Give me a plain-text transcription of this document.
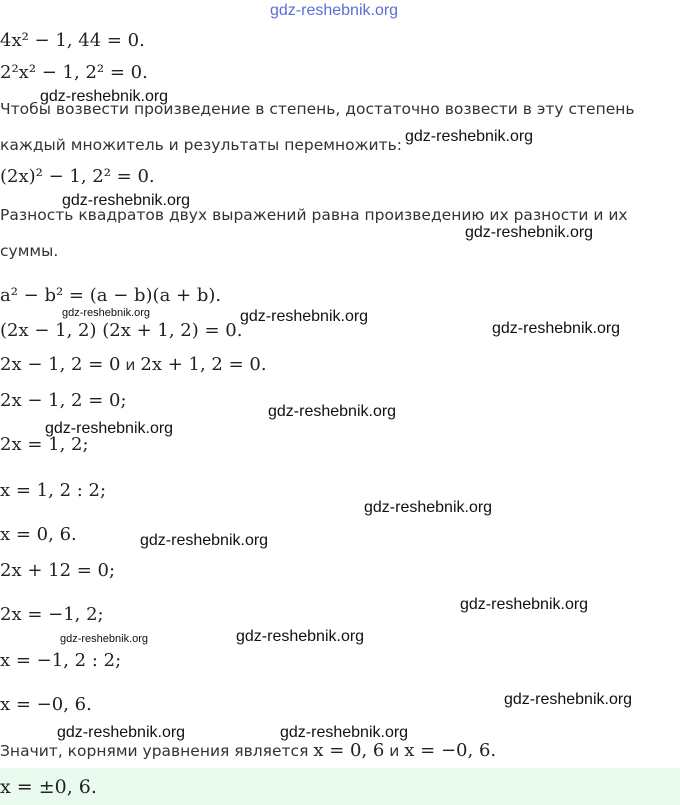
gdz-reshebnik.org
4x² − 1, 44 = 0.
2²x² − 1, 2² = 0.
Чтобы возвести произведение в степень, достаточно возвести в эту степень
каждый множитель и результаты перемножить:
(2x)² − 1, 2² = 0.
Разность квадратов двух выражений равна произведению их разности и их
суммы.
a² − b² = (a − b)(a + b).
(2x − 1, 2) (2x + 1, 2) = 0.
2x − 1, 2 = 0 и 2x + 1, 2 = 0.
2x − 1, 2 = 0;
2x = 1, 2;
x = 1, 2 : 2;
x = 0, 6.
2x + 12 = 0;
2x = −1, 2;
x = −1, 2 : 2;
x = −0, 6.
Значит, корнями уравнения является x = 0, 6 и x = −0, 6.
x = ±0, 6.
gdz-reshebnik.org
gdz-reshebnik.org
gdz-reshebnik.org
gdz-reshebnik.org
gdz-reshebnik.org	gdz-reshebnik.org
gdz-reshebnik.org
gdz-reshebnik.org
gdz-reshebnik.org
gdz-reshebnik.org
gdz-reshebnik.org
gdz-reshebnik.org
gdz-reshebnik.org	gdz-reshebnik.org
gdz-reshebnik.org
gdz-reshebnik.org	gdz-reshebnik.org
